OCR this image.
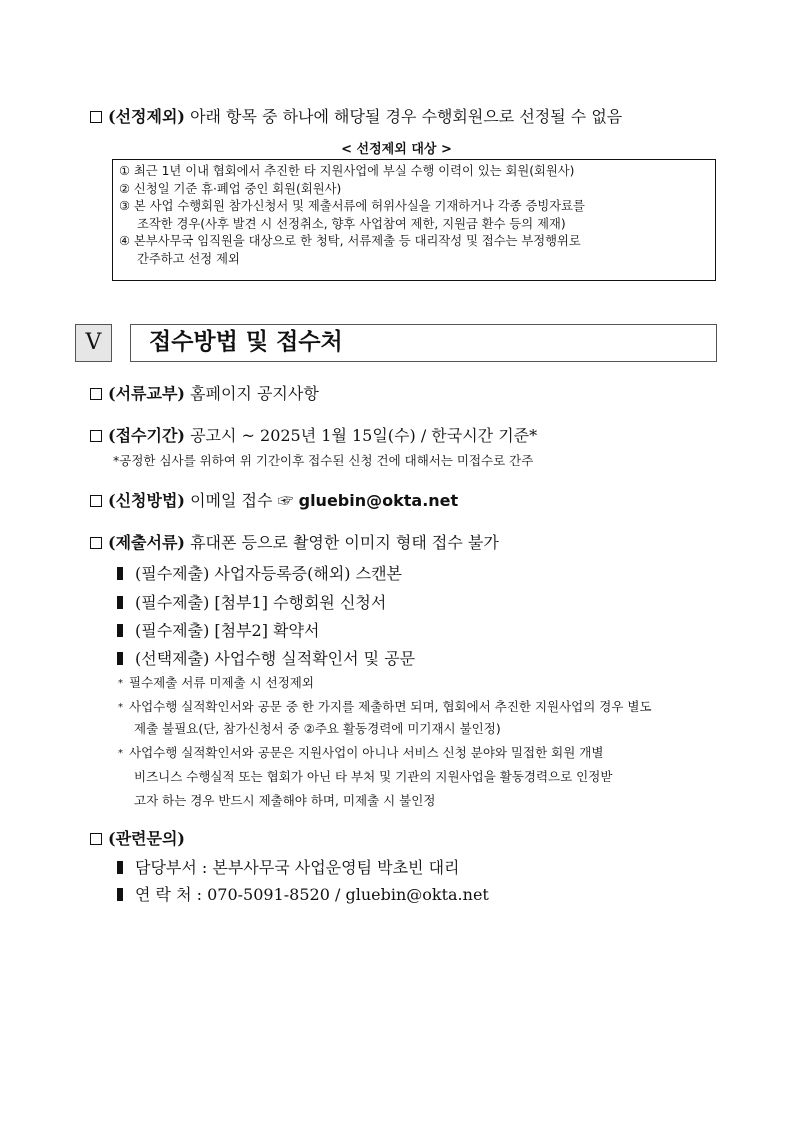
(선정제외) 아래 항목 중 하나에 해당될 경우 수행회원으로 선정될 수 없음
< 선정제외 대상 >
① 최근 1년 이내 협회에서 추진한 타 지원사업에 부실 수행 이력이 있는 회원(회원사)
② 신청일 기준 휴·폐업 중인 회원(회원사)
③ 본 사업 수행회원 참가신청서 및 제출서류에 허위사실을 기재하거나 각종 증빙자료를
조작한 경우(사후 발견 시 선정취소, 향후 사업참여 제한, 지원금 환수 등의 제재)
④ 본부사무국 임직원을 대상으로 한 청탁, 서류제출 등 대리작성 및 접수는 부정행위로
간주하고 선정 제외
V	접수방법 및 접수처
(서류교부) 홈페이지 공지사항
(접수기간) 공고시 ~ 2025년 1월 15일(수) / 한국시간 기준*
*공정한 심사를 위하여 위 기간이후 접수된 신청 건에 대해서는 미접수로 간주
(신청방법) 이메일 접수 ☞ gluebin@okta.net
(제출서류) 휴대폰 등으로 촬영한 이미지 형태 접수 불가
(필수제출) 사업자등록증(해외) 스캔본
(필수제출) [첨부1] 수행회원 신청서
(필수제출) [첨부2] 확약서
(선택제출) 사업수행 실적확인서 및 공문
* 필수제출 서류 미제출 시 선정제외
* 사업수행 실적확인서와 공문 중 한 가지를 제출하면 되며, 협회에서 추진한 지원사업의 경우 별도
제출 불필요(단, 참가신청서 중 ②주요 활동경력에 미기재시 불인정)
* 사업수행 실적확인서와 공문은 지원사업이 아니나 서비스 신청 분야와 밀접한 회원 개별
비즈니스 수행실적 또는 협회가 아닌 타 부처 및 기관의 지원사업을 활동경력으로 인정받
고자 하는 경우 반드시 제출해야 하며, 미제출 시 불인정
(관련문의)
담당부서 : 본부사무국 사업운영팀 박초빈 대리
연 락 처 : 070-5091-8520 / gluebin@okta.net
